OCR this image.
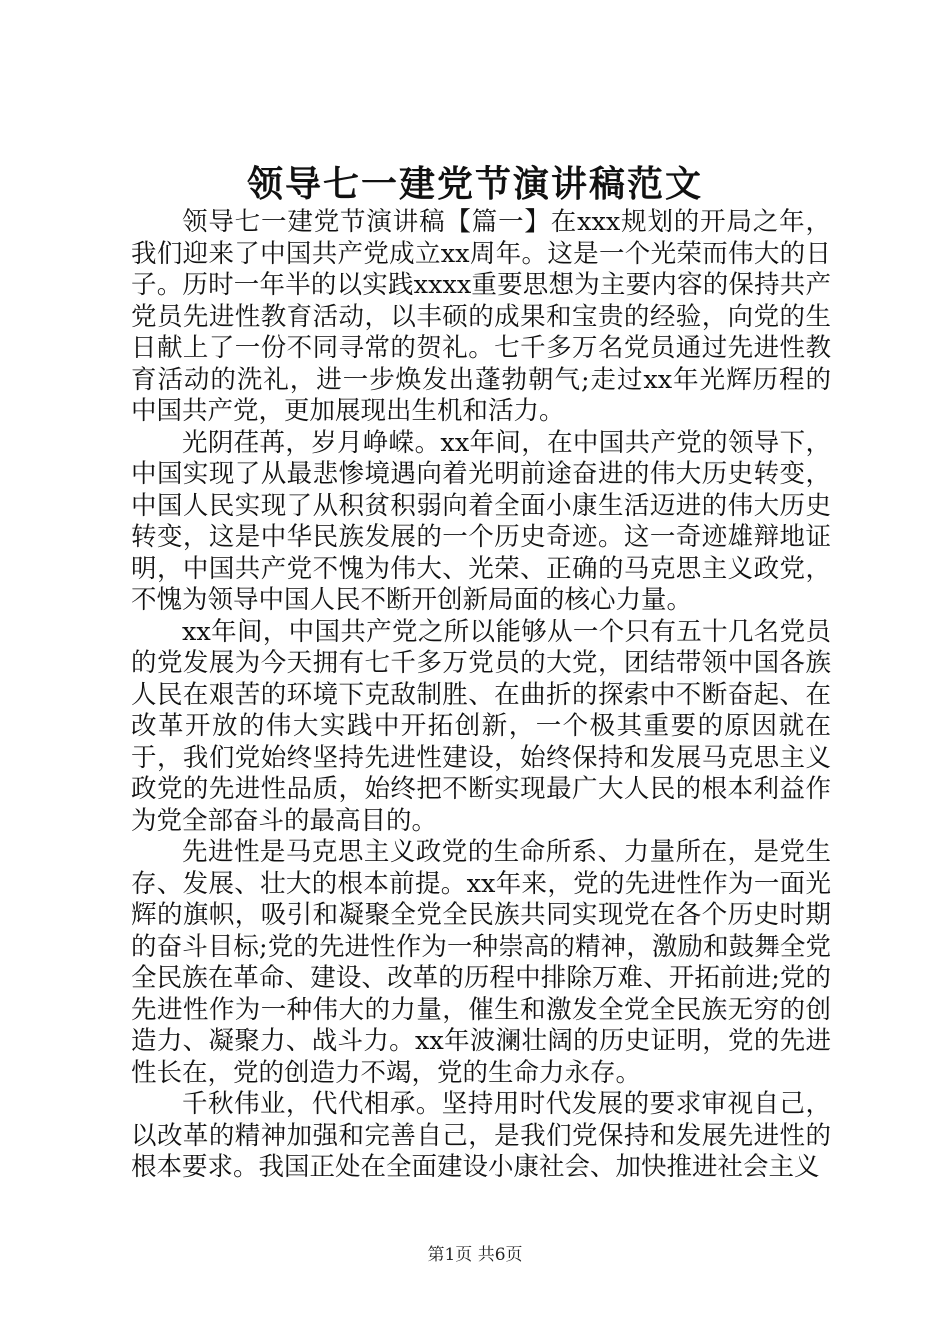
领导七一建党节演讲稿范文

领导七一建党节演讲稿【篇一】在xxx规划的开局之年，我们迎来了中国共产党成立xx周年。这是一个光荣而伟大的日子。历时一年半的以实践xxxx重要思想为主要内容的保持共产党员先进性教育活动，以丰硕的成果和宝贵的经验，向党的生日献上了一份不同寻常的贺礼。七千多万名党员通过先进性教育活动的洗礼，进一步焕发出蓬勃朝气;走过xx年光辉历程的中国共产党，更加展现出生机和活力。

光阴荏苒，岁月峥嵘。xx年间，在中国共产党的领导下，中国实现了从最悲惨境遇向着光明前途奋进的伟大历史转变，中国人民实现了从积贫积弱向着全面小康生活迈进的伟大历史转变，这是中华民族发展的一个历史奇迹。这一奇迹雄辩地证明，中国共产党不愧为伟大、光荣、正确的马克思主义政党，不愧为领导中国人民不断开创新局面的核心力量。

xx年间，中国共产党之所以能够从一个只有五十几名党员的党发展为今天拥有七千多万党员的大党，团结带领中国各族人民在艰苦的环境下克敌制胜、在曲折的探索中不断奋起、在改革开放的伟大实践中开拓创新，一个极其重要的原因就在于，我们党始终坚持先进性建设，始终保持和发展马克思主义政党的先进性品质，始终把不断实现最广大人民的根本利益作为党全部奋斗的最高目的。

先进性是马克思主义政党的生命所系、力量所在，是党生存、发展、壮大的根本前提。xx年来，党的先进性作为一面光辉的旗帜，吸引和凝聚全党全民族共同实现党在各个历史时期的奋斗目标;党的先进性作为一种崇高的精神，激励和鼓舞全党全民族在革命、建设、改革的历程中排除万难、开拓前进;党的先进性作为一种伟大的力量，催生和激发全党全民族无穷的创造力、凝聚力、战斗力。xx年波澜壮阔的历史证明，党的先进性长在，党的创造力不竭，党的生命力永存。

千秋伟业，代代相承。坚持用时代发展的要求审视自己，以改革的精神加强和完善自己，是我们党保持和发展先进性的根本要求。我国正处在全面建设小康社会、加快推进社会主义

第1页 共6页
